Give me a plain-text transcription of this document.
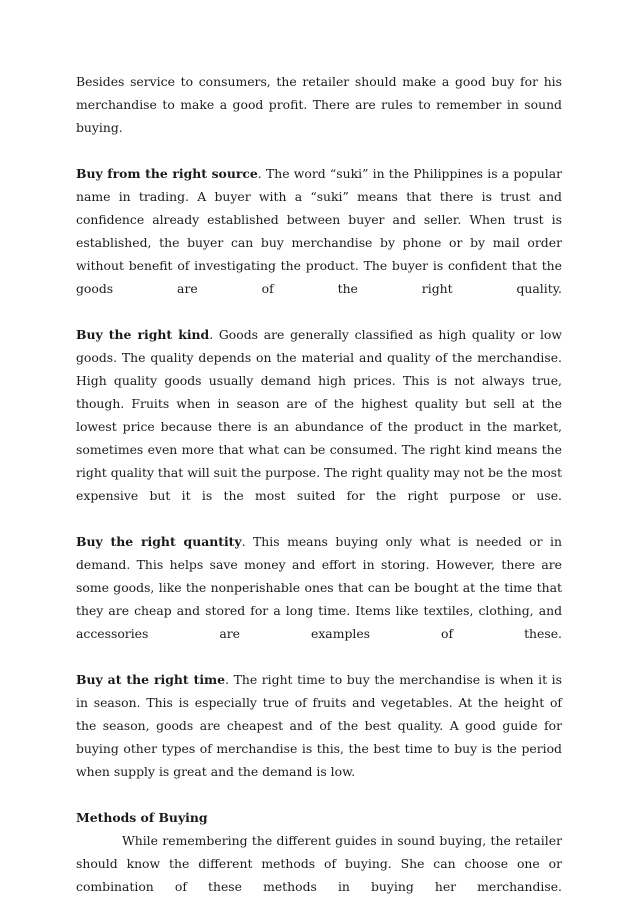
Besides service to consumers, the retailer should make a good buy for his merchandise to make a good profit. There are rules to remember in sound buying.

Buy from the right source. The word “suki” in the Philippines is a popular name in trading. A buyer with a “suki” means that there is trust and confidence already established between buyer and seller. When trust is established, the buyer can buy merchandise by phone or by mail order without benefit of investigating the product. The buyer is confident that the goods are of the right quality.

Buy the right kind. Goods are generally classified as high quality or low goods. The quality depends on the material and quality of the merchandise. High quality goods usually demand high prices. This is not always true, though. Fruits when in season are of the highest quality but sell at the lowest price because there is an abundance of the product in the market, sometimes even more that what can be consumed. The right kind means the right quality that will suit the purpose. The right quality may not be the most expensive but it is the most suited for the right purpose or use.

Buy the right quantity. This means buying only what is needed or in demand. This helps save money and effort in storing. However, there are some goods, like the nonperishable ones that can be bought at the time that they are cheap and stored for a long time. Items like textiles, clothing, and accessories are examples of these.

Buy at the right time. The right time to buy the merchandise is when it is in season. This is especially true of fruits and vegetables. At the height of the season, goods are cheapest and of the best quality. A good guide for buying other types of merchandise is this, the best time to buy is the period when supply is great and the demand is low.

Methods of Buying

While remembering the different guides in sound buying, the retailer should know the different methods of buying. She can choose one or combination of these methods in buying her merchandise.
